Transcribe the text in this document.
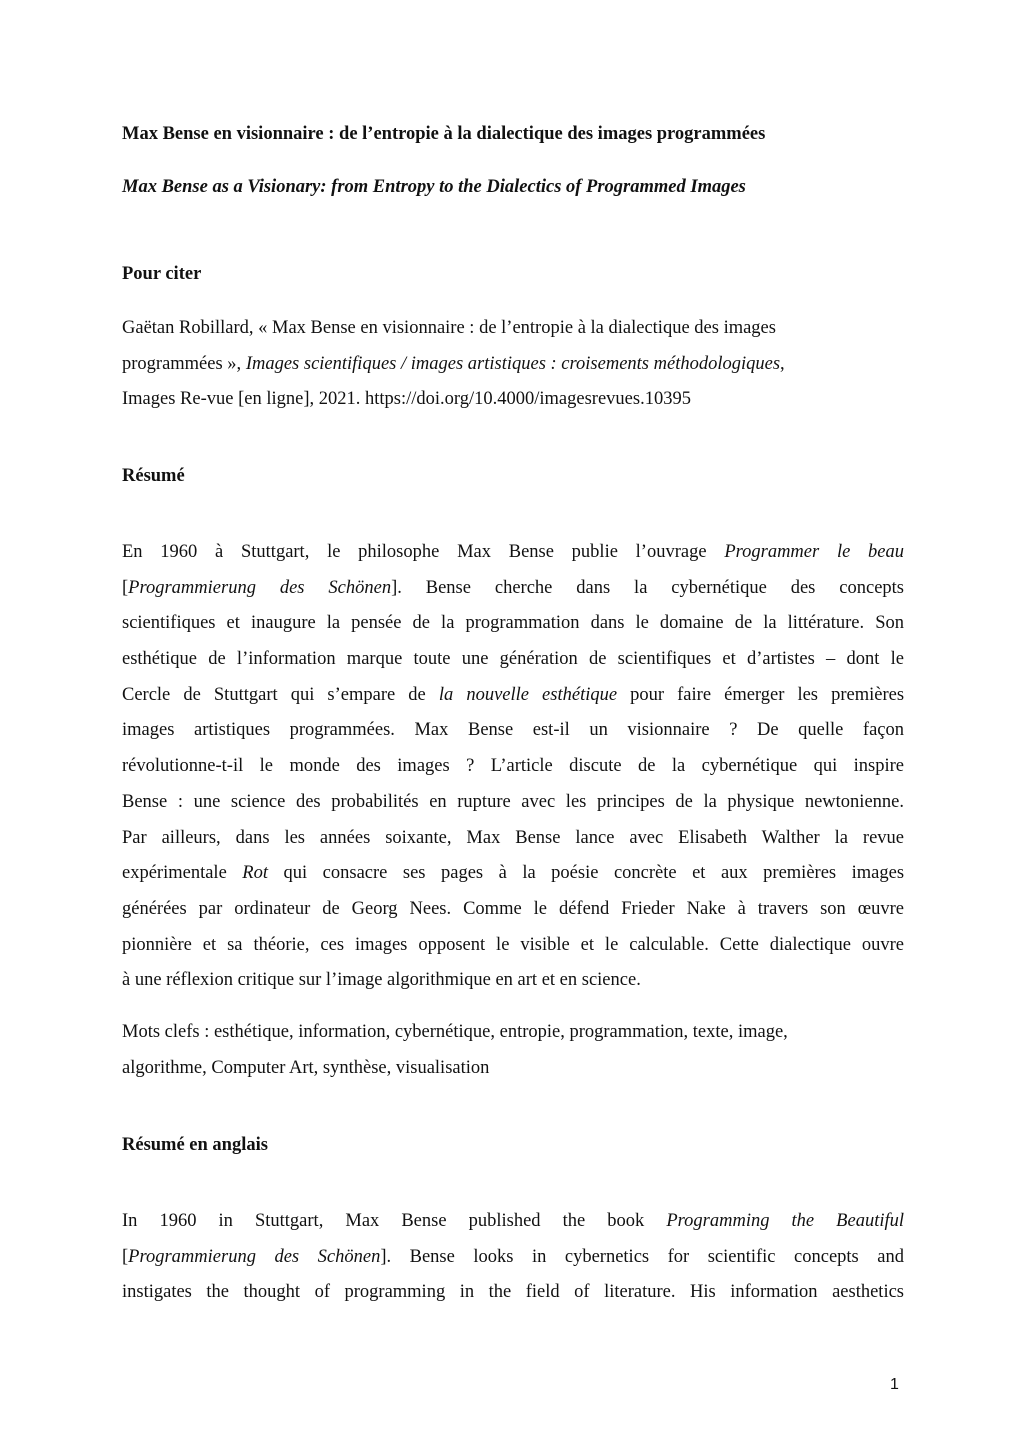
Max Bense en visionnaire : de l’entropie à la dialectique des images programmées

Max Bense as a Visionary: from Entropy to the Dialectics of Programmed Images

Pour citer

Gaëtan Robillard, « Max Bense en visionnaire : de l’entropie à la dialectique des images
programmées », Images scientifiques / images artistiques : croisements méthodologiques,
Images Re-vue [en ligne], 2021. https://doi.org/10.4000/imagesrevues.10395

Résumé

En 1960 à Stuttgart, le philosophe Max Bense publie l’ouvrage Programmer le beau
[Programmierung des Schönen]. Bense cherche dans la cybernétique des concepts
scientifiques et inaugure la pensée de la programmation dans le domaine de la littérature. Son
esthétique de l’information marque toute une génération de scientifiques et d’artistes – dont le
Cercle de Stuttgart qui s’empare de la nouvelle esthétique pour faire émerger les premières
images artistiques programmées. Max Bense est-il un visionnaire ? De quelle façon
révolutionne-t-il le monde des images ? L’article discute de la cybernétique qui inspire
Bense : une science des probabilités en rupture avec les principes de la physique newtonienne.
Par ailleurs, dans les années soixante, Max Bense lance avec Elisabeth Walther la revue
expérimentale Rot qui consacre ses pages à la poésie concrète et aux premières images
générées par ordinateur de Georg Nees. Comme le défend Frieder Nake à travers son œuvre
pionnière et sa théorie, ces images opposent le visible et le calculable. Cette dialectique ouvre
à une réflexion critique sur l’image algorithmique en art et en science.
Mots clefs : esthétique, information, cybernétique, entropie, programmation, texte, image,
algorithme, Computer Art, synthèse, visualisation

Résumé en anglais

In 1960 in Stuttgart, Max Bense published the book Programming the Beautiful
[Programmierung des Schönen]. Bense looks in cybernetics for scientific concepts and
instigates the thought of programming in the field of literature. His information aesthetics
1
